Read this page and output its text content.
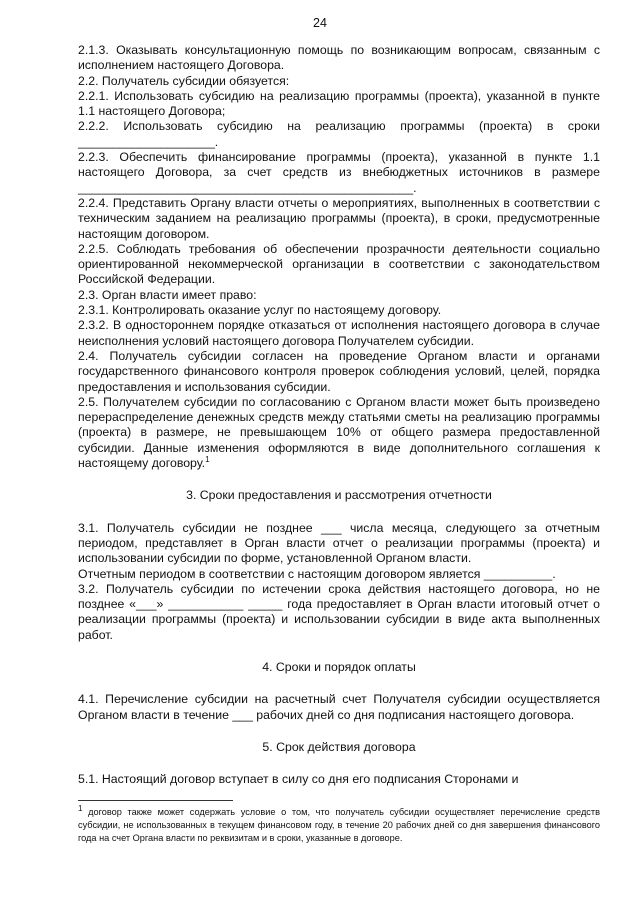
24

2.1.3. Оказывать консультационную помощь по возникающим вопросам, связанным с исполнением настоящего Договора.

2.2. Получатель субсидии обязуется:

2.2.1. Использовать субсидию на реализацию программы (проекта), указанной в пункте 1.1 настоящего Договора;

2.2.2. Использовать субсидию на реализацию программы (проекта) в сроки ____________________.

2.2.3. Обеспечить финансирование программы (проекта), указанной в пункте 1.1 настоящего Договора, за счет средств из внебюджетных источников в размере _________________________________________________.

2.2.4. Представить Органу власти отчеты о мероприятиях, выполненных в соответствии с техническим заданием на реализацию программы (проекта), в сроки, предусмотренные настоящим договором.

2.2.5. Соблюдать требования об обеспечении прозрачности деятельности социально ориентированной некоммерческой организации в соответствии с законодательством Российской Федерации.

2.3. Орган власти имеет право:

2.3.1. Контролировать оказание услуг по настоящему договору.

2.3.2. В одностороннем порядке отказаться от исполнения настоящего договора в случае неисполнения условий настоящего договора Получателем субсидии.

2.4. Получатель субсидии согласен на проведение Органом власти и органами государственного финансового контроля проверок соблюдения условий, целей, порядка предоставления и использования субсидии.

2.5. Получателем субсидии по согласованию с Органом власти может быть произведено перераспределение денежных средств между статьями сметы на реализацию программы (проекта) в размере, не превышающем 10% от общего размера предоставленной субсидии. Данные изменения оформляются в виде дополнительного соглашения к настоящему договору.$^1$

3. Сроки предоставления и рассмотрения отчетности

3.1. Получатель субсидии не позднее ___ числа месяца, следующего за отчетным периодом, представляет в Орган власти отчет о реализации программы (проекта) и использовании субсидии по форме, установленной Органом власти.

Отчетным периодом в соответствии с настоящим договором является __________.

3.2. Получатель субсидии по истечении срока действия настоящего договора, но не позднее «___» ___________ _____ года предоставляет в Орган власти итоговый отчет о реализации программы (проекта) и использовании субсидии в виде акта выполненных работ.

4. Сроки и порядок оплаты

4.1. Перечисление субсидии на расчетный счет Получателя субсидии осуществляется Органом власти в течение ___ рабочих дней со дня подписания настоящего договора.

5. Срок действия договора

5.1. Настоящий договор вступает в силу со дня его подписания Сторонами и

$^1$ договор также может содержать условие о том, что получатель субсидии осуществляет перечисление средств субсидии, не использованных в текущем финансовом году, в течение 20 рабочих дней со дня завершения финансового года на счет Органа власти по реквизитам и в сроки, указанные в договоре.
